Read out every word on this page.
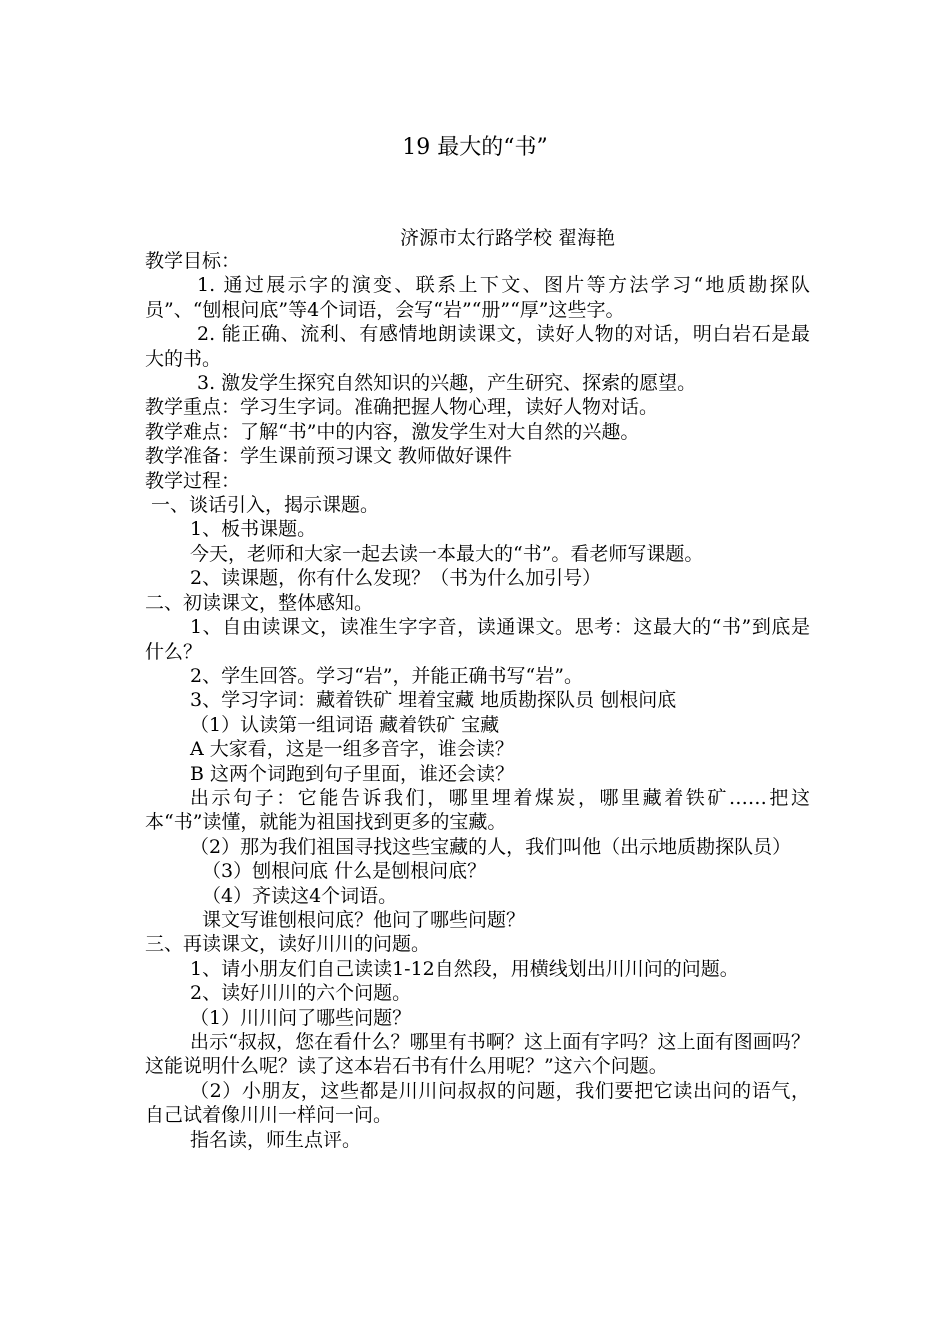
19 最大的“书”
济源市太行路学校 翟海艳

教学目标：

1. 通过展示字的演变、联系上下文、图片等方法学习“地质勘探队员”、“刨根问底”等4个词语，会写“岩”“册”“厚”这些字。

2. 能正确、流利、有感情地朗读课文，读好人物的对话，明白岩石是最大的书。

3. 激发学生探究自然知识的兴趣，产生研究、探索的愿望。

教学重点：学习生字词。准确把握人物心理，读好人物对话。

教学难点：了解“书”中的内容，激发学生对大自然的兴趣。

教学准备：学生课前预习课文 教师做好课件

教学过程：

一、谈话引入，揭示课题。

1、板书课题。

今天，老师和大家一起去读一本最大的“书”。看老师写课题。

2、读课题，你有什么发现？（书为什么加引号）

二、初读课文，整体感知。

1、自由读课文，读准生字字音，读通课文。思考：这最大的“书”到底是什么？

2、学生回答。学习“岩”，并能正确书写“岩”。

3、学习字词：藏着铁矿 埋着宝藏 地质勘探队员 刨根问底

（1）认读第一组词语 藏着铁矿 宝藏

A 大家看，这是一组多音字，谁会读？

B 这两个词跑到句子里面，谁还会读？

出示句子：它能告诉我们，哪里埋着煤炭，哪里藏着铁矿……把这本“书”读懂，就能为祖国找到更多的宝藏。

（2）那为我们祖国寻找这些宝藏的人，我们叫他（出示地质勘探队员）

（3）刨根问底 什么是刨根问底？

（4）齐读这4个词语。

课文写谁刨根问底？他问了哪些问题？

三、再读课文，读好川川的问题。

1、请小朋友们自己读读1-12自然段，用横线划出川川问的问题。

2、读好川川的六个问题。

（1）川川问了哪些问题？

出示“叔叔，您在看什么？哪里有书啊？这上面有字吗？这上面有图画吗？这能说明什么呢？读了这本岩石书有什么用呢？”这六个问题。

（2）小朋友，这些都是川川问叔叔的问题，我们要把它读出问的语气，自己试着像川川一样问一问。

指名读，师生点评。
